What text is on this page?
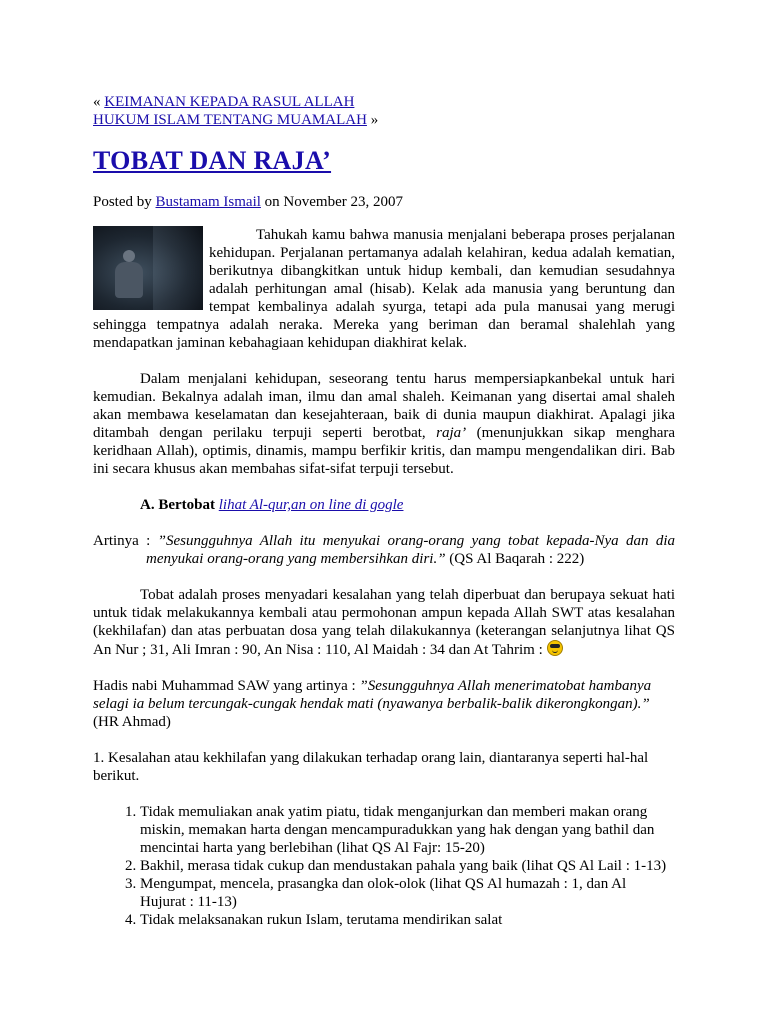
« KEIMANAN KEPADA RASUL ALLAH
HUKUM ISLAM TENTANG MUAMALAH »
TOBAT DAN RAJA’
Posted by Bustamam Ismail on November 23, 2007

Tahukah kamu bahwa manusia menjalani beberapa proses perjalanan kehidupan. Perjalanan pertamanya adalah kelahiran, kedua adalah kematian, berikutnya dibangkitkan untuk hidup kembali, dan kemudian sesudahnya adalah perhitungan amal (hisab). Kelak ada manusia yang beruntung dan tempat kembalinya adalah syurga, tetapi ada pula manusai yang merugi sehingga tempatnya adalah neraka. Mereka yang beriman dan beramal shalehlah yang mendapatkan jaminan kebahagiaan kehidupan diakhirat kelak.

Dalam menjalani kehidupan, seseorang tentu harus mempersiapkanbekal untuk hari kemudian. Bekalnya adalah iman, ilmu dan amal shaleh. Keimanan yang disertai amal shaleh akan membawa keselamatan dan kesejahteraan, baik di dunia maupun diakhirat. Apalagi jika ditambah dengan perilaku terpuji seperti berotbat, raja’ (menunjukkan sikap menghara keridhaan Allah), optimis, dinamis, mampu berfikir kritis, dan mampu mengendalikan diri. Bab ini secara khusus akan membahas sifat-sifat terpuji tersebut.

A. Bertobat lihat Al-qur,an on line di gogle

Artinya : ”Sesungguhnya Allah itu menyukai orang-orang yang tobat kepada-Nya dan dia menyukai orang-orang yang membersihkan diri.” (QS Al Baqarah : 222)

Tobat adalah proses menyadari kesalahan yang telah diperbuat dan berupaya sekuat hati untuk tidak melakukannya kembali atau permohonan ampun kepada Allah SWT atas kesalahan (kekhilafan) dan atas perbuatan dosa yang telah dilakukannya (keterangan selanjutnya lihat QS An Nur ; 31, Ali Imran : 90, An Nisa : 110, Al Maidah : 34 dan At Tahrim :

Hadis nabi Muhammad SAW yang artinya : ”Sesungguhnya Allah menerimatobat hambanya selagi ia belum tercungak-cungak hendak mati (nyawanya berbalik-balik dikerongkongan).” (HR Ahmad)

1. Kesalahan atau kekhilafan yang dilakukan terhadap orang lain, diantaranya seperti hal-hal berikut.

1. Tidak memuliakan anak yatim piatu, tidak menganjurkan dan memberi makan orang miskin, memakan harta dengan mencampuradukkan yang hak dengan yang bathil dan mencintai harta yang berlebihan (lihat QS Al Fajr: 15-20)
2. Bakhil, merasa tidak cukup dan mendustakan pahala yang baik (lihat QS Al Lail : 1-13)
3. Mengumpat, mencela, prasangka dan olok-olok (lihat QS Al humazah : 1, dan Al Hujurat : 11-13)
4. Tidak melaksanakan rukun Islam, terutama mendirikan salat
